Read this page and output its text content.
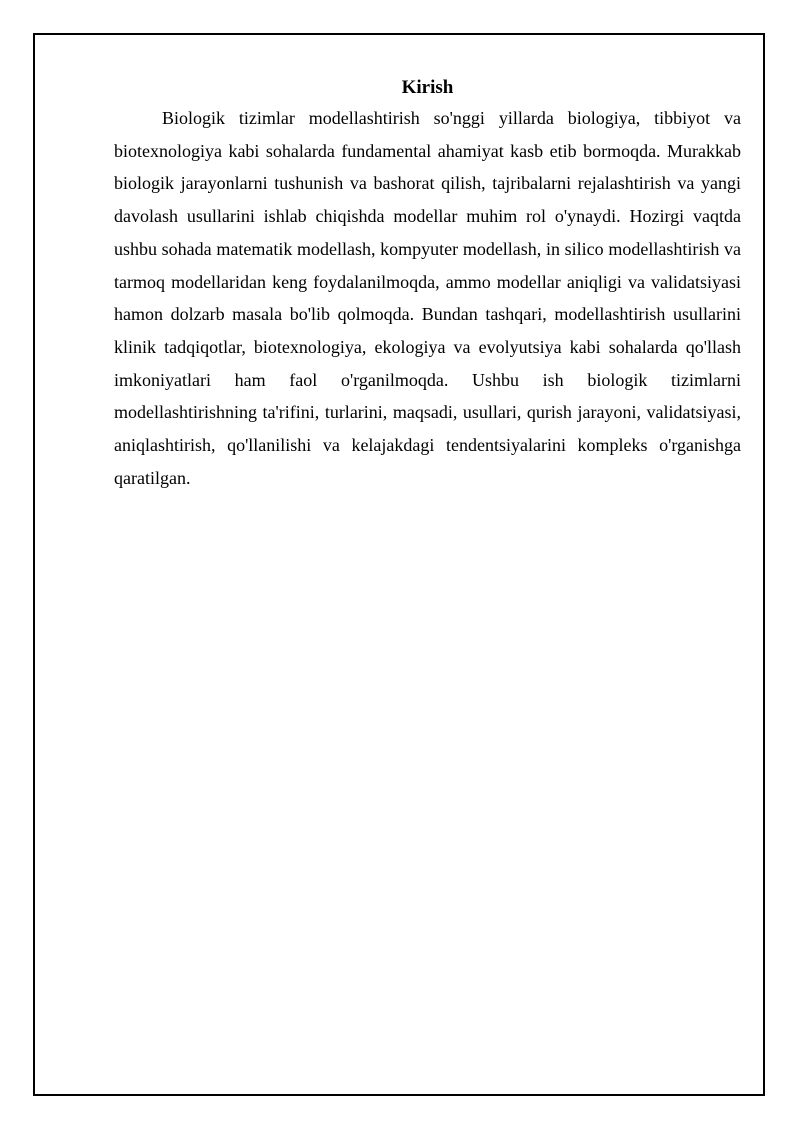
Kirish

Biologik tizimlar modellashtirish so'nggi yillarda biologiya, tibbiyot va biotexnologiya kabi sohalarda fundamental ahamiyat kasb etib bormoqda. Murakkab biologik jarayonlarni tushunish va bashorat qilish, tajribalarni rejalashtirish va yangi davolash usullarini ishlab chiqishda modellar muhim rol o'ynaydi. Hozirgi vaqtda ushbu sohada matematik modellash, kompyuter modellash, in silico modellashtirish va tarmoq modellaridan keng foydalanilmoqda, ammo modellar aniqligi va validatsiyasi hamon dolzarb masala bo'lib qolmoqda. Bundan tashqari, modellashtirish usullarini klinik tadqiqotlar, biotexnologiya, ekologiya va evolyutsiya kabi sohalarda qo'llash imkoniyatlari ham faol o'rganilmoqda. Ushbu ish biologik tizimlarni modellashtirishning ta'rifini, turlarini, maqsadi, usullari, qurish jarayoni, validatsiyasi, aniqlashtirish, qo'llanilishi va kelajakdagi tendentsiyalarini kompleks o'rganishga qaratilgan.
